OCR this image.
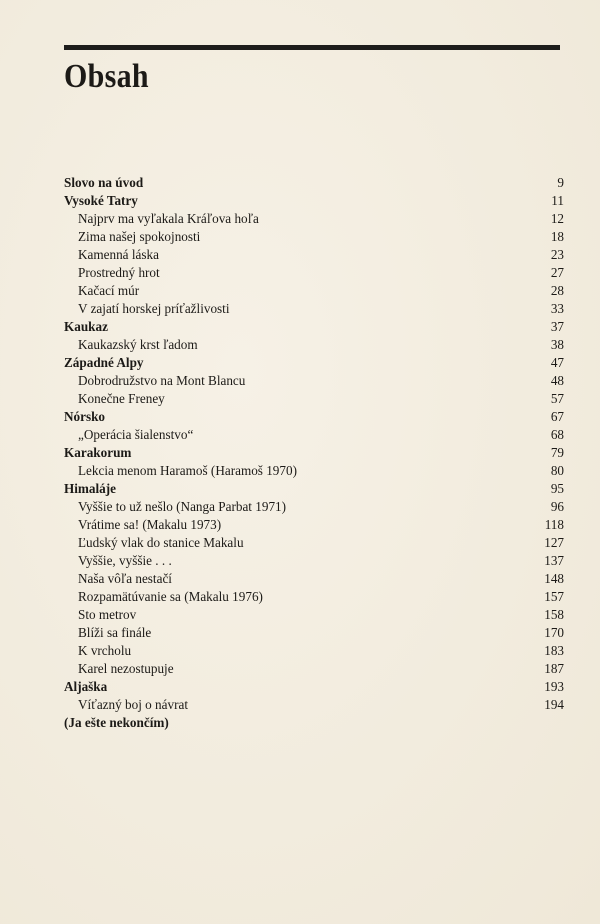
Obsah
Slovo na úvod	9
Vysoké Tatry	11
Najprv ma vyľakala Kráľova hoľa	12
Zima našej spokojnosti	18
Kamenná láska	23
Prostredný hrot	27
Kačací múr	28
V zajatí horskej príťažlivosti	33
Kaukaz	37
Kaukazský krst ľadom	38
Západné Alpy	47
Dobrodružstvo na Mont Blancu	48
Konečne Freney	57
Nórsko	67
„Operácia šialenstvo“	68
Karakorum	79
Lekcia menom Haramoš (Haramoš 1970)	80
Himaláje	95
Vyššie to už nešlo (Nanga Parbat 1971)	96
Vrátime sa! (Makalu 1973)	118
Ľudský vlak do stanice Makalu	127
Vyššie, vyššie . . .	137
Naša vôľa nestačí	148
Rozpamätúvanie sa (Makalu 1976)	157
Sto metrov	158
Blíži sa finále	170
K vrcholu	183
Karel nezostupuje	187
Aljaška	193
Víťazný boj o návrat	194
(Ja ešte nekončím)
